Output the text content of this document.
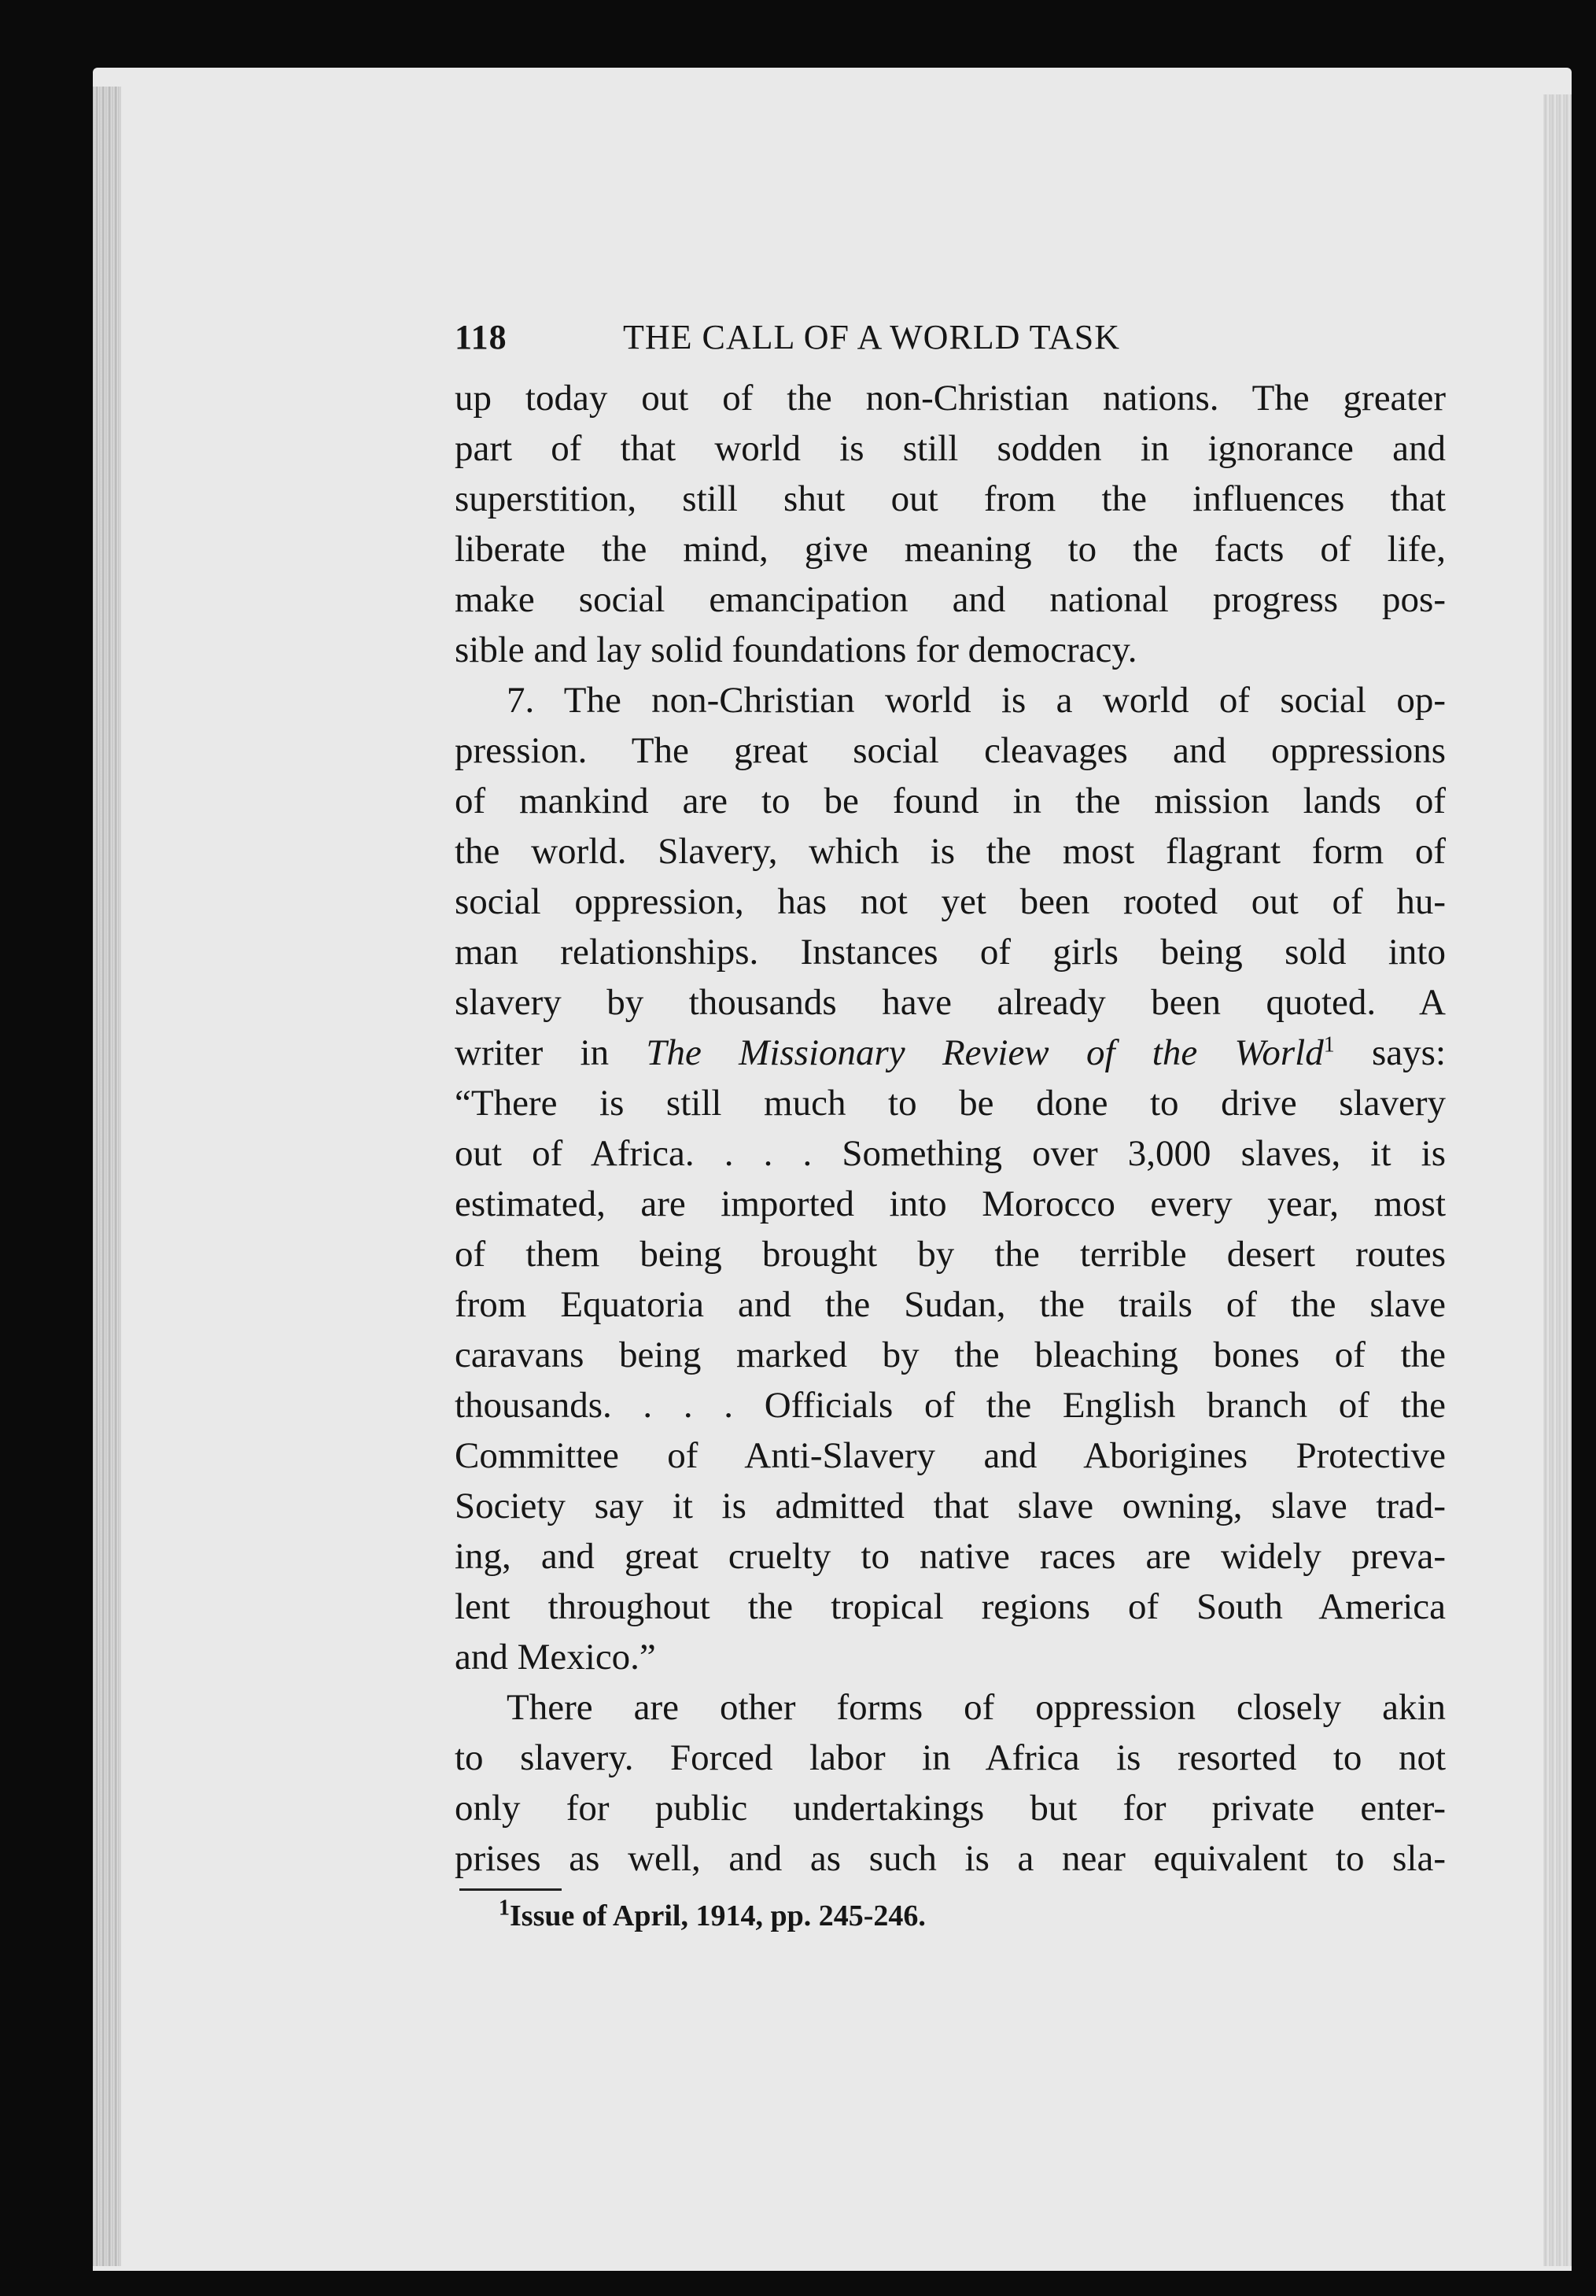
118	THE CALL OF A WORLD TASK
up today out of the non-Christian nations. The greater
part of that world is still sodden in ignorance and
superstition, still shut out from the influences that
liberate the mind, give meaning to the facts of life,
make social emancipation and national progress pos-
sible and lay solid foundations for democracy.
7. The non-Christian world is a world of social op-
pression. The great social cleavages and oppressions
of mankind are to be found in the mission lands of
the world. Slavery, which is the most flagrant form of
social oppression, has not yet been rooted out of hu-
man relationships. Instances of girls being sold into
slavery by thousands have already been quoted. A
writer in The Missionary Review of the World$^1$ says:
“There is still much to be done to drive slavery
out of Africa. . . . Something over 3,000 slaves, it is
estimated, are imported into Morocco every year, most
of them being brought by the terrible desert routes
from Equatoria and the Sudan, the trails of the slave
caravans being marked by the bleaching bones of the
thousands. . . . Officials of the English branch of the
Committee of Anti-Slavery and Aborigines Protective
Society say it is admitted that slave owning, slave trad-
ing, and great cruelty to native races are widely preva-
lent throughout the tropical regions of South America
and Mexico.”
There are other forms of oppression closely akin
to slavery. Forced labor in Africa is resorted to not
only for public undertakings but for private enter-
prises as well, and as such is a near equivalent to sla-
$^1$Issue of April, 1914, pp. 245-246.
